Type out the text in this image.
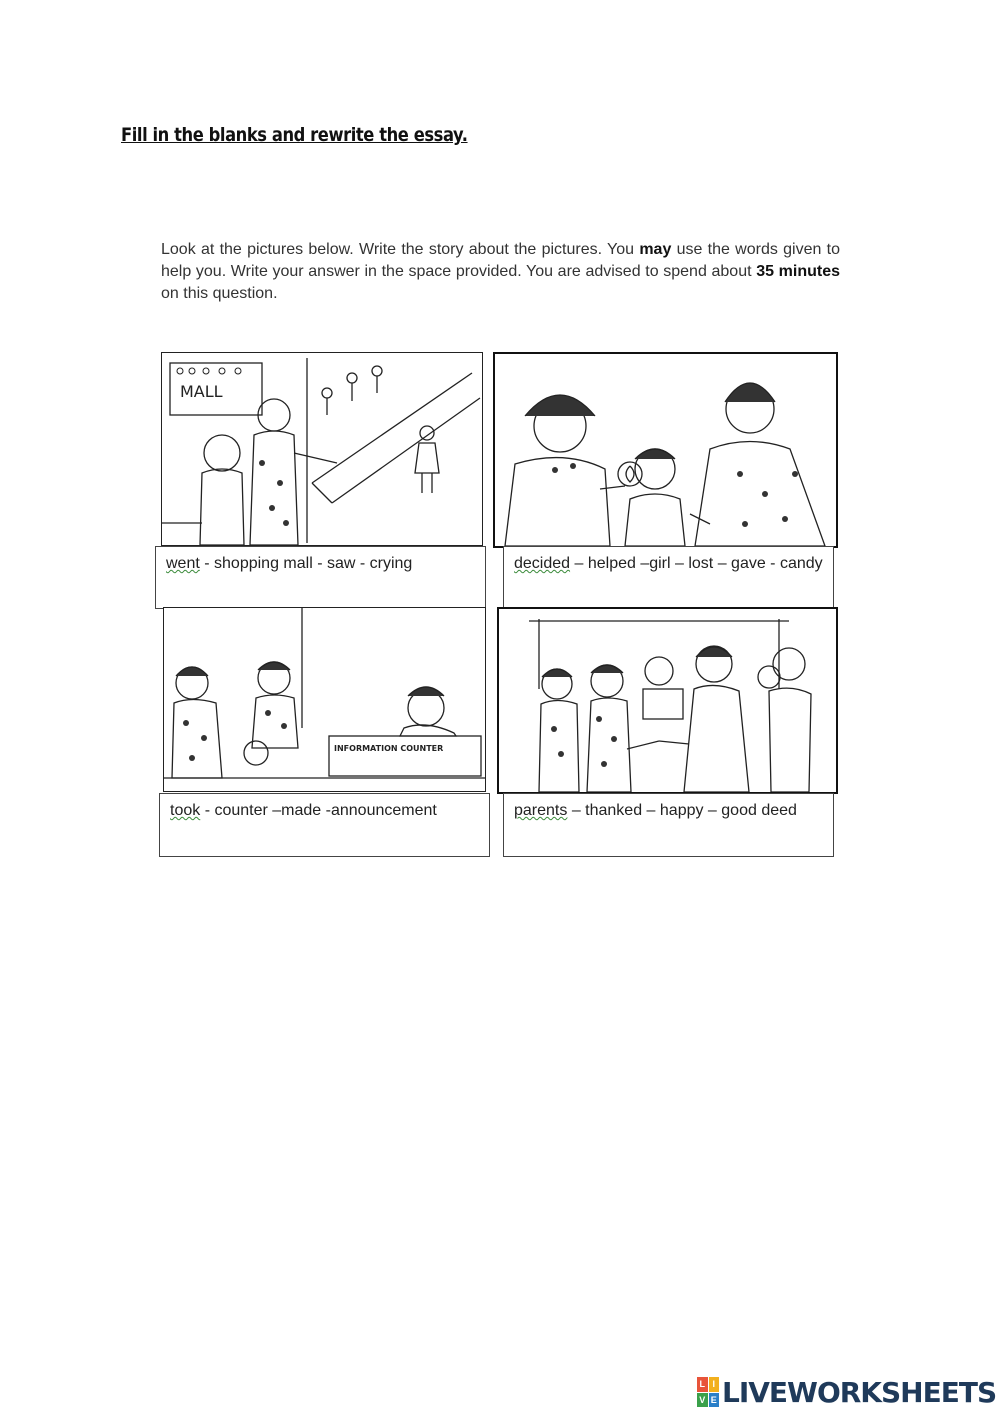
Fill in the blanks and rewrite the essay.
Look at the pictures below. Write the story about the pictures. You may use the words given to help you. Write your answer in the space provided. You are advised to spend about 35 minutes on this question.
MALL
went - shopping mall - saw - crying	decided – helped –girl – lost – gave - candy
INFORMATION COUNTER
took - counter –made -announcement	parents – thanked – happy – good deed
L I
V E LIVEWORKSHEETS
